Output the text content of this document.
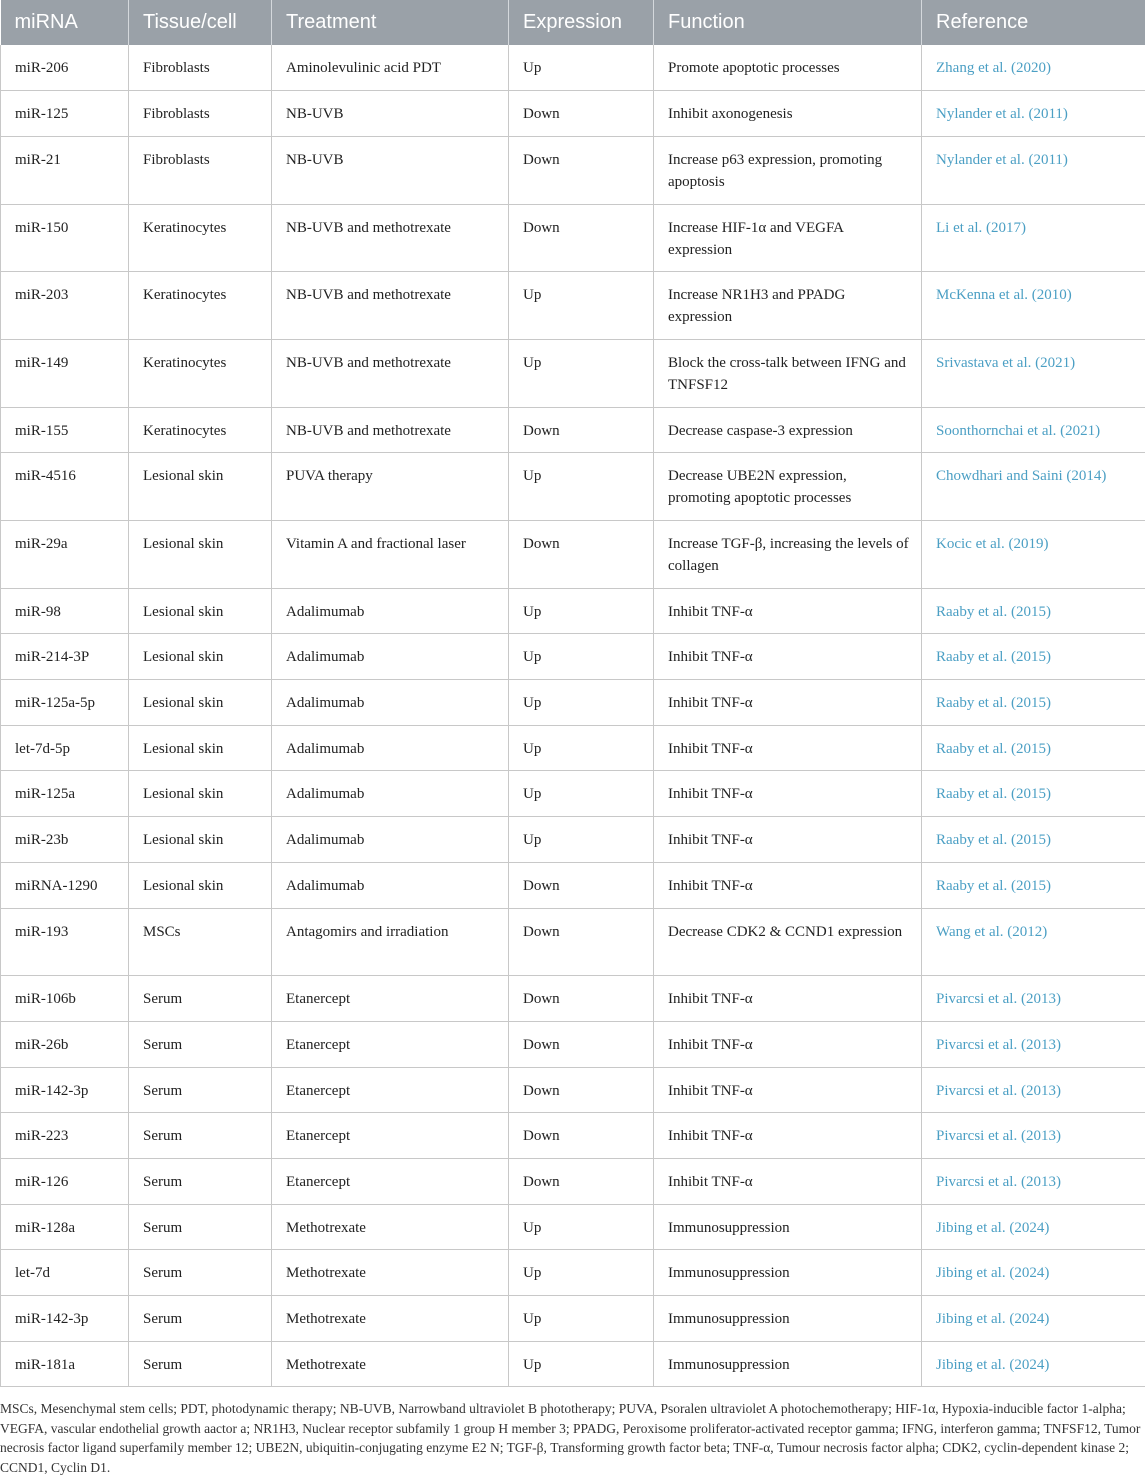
miRNA	Tissue/cell	Treatment	Expression	Function	Reference
miR-206	Fibroblasts	Aminolevulinic acid PDT	Up	Promote apoptotic processes	Zhang et al. (2020)
miR-125	Fibroblasts	NB-UVB	Down	Inhibit axonogenesis	Nylander et al. (2011)
miR-21	Fibroblasts	NB-UVB	Down	Increase p63 expression, promoting apoptosis	Nylander et al. (2011)
miR-150	Keratinocytes	NB-UVB and methotrexate	Down	Increase HIF-1α and VEGFA expression	Li et al. (2017)
miR-203	Keratinocytes	NB-UVB and methotrexate	Up	Increase NR1H3 and PPADG expression	McKenna et al. (2010)
miR-149	Keratinocytes	NB-UVB and methotrexate	Up	Block the cross-talk between IFNG and TNFSF12	Srivastava et al. (2021)
miR-155	Keratinocytes	NB-UVB and methotrexate	Down	Decrease caspase-3 expression	Soonthornchai et al. (2021)
miR-4516	Lesional skin	PUVA therapy	Up	Decrease UBE2N expression, promoting apoptotic processes	Chowdhari and Saini (2014)
miR-29a	Lesional skin	Vitamin A and fractional laser	Down	Increase TGF-β, increasing the levels of collagen	Kocic et al. (2019)
miR-98	Lesional skin	Adalimumab	Up	Inhibit TNF-α	Raaby et al. (2015)
miR-214-3P	Lesional skin	Adalimumab	Up	Inhibit TNF-α	Raaby et al. (2015)
miR-125a-5p	Lesional skin	Adalimumab	Up	Inhibit TNF-α	Raaby et al. (2015)
let-7d-5p	Lesional skin	Adalimumab	Up	Inhibit TNF-α	Raaby et al. (2015)
miR-125a	Lesional skin	Adalimumab	Up	Inhibit TNF-α	Raaby et al. (2015)
miR-23b	Lesional skin	Adalimumab	Up	Inhibit TNF-α	Raaby et al. (2015)
miRNA-1290	Lesional skin	Adalimumab	Down	Inhibit TNF-α	Raaby et al. (2015)
miR-193	MSCs	Antagomirs and irradiation	Down	Decrease CDK2 & CCND1 expression	Wang et al. (2012)
miR-106b	Serum	Etanercept	Down	Inhibit TNF-α	Pivarcsi et al. (2013)
miR-26b	Serum	Etanercept	Down	Inhibit TNF-α	Pivarcsi et al. (2013)
miR-142-3p	Serum	Etanercept	Down	Inhibit TNF-α	Pivarcsi et al. (2013)
miR-223	Serum	Etanercept	Down	Inhibit TNF-α	Pivarcsi et al. (2013)
miR-126	Serum	Etanercept	Down	Inhibit TNF-α	Pivarcsi et al. (2013)
miR-128a	Serum	Methotrexate	Up	Immunosuppression	Jibing et al. (2024)
let-7d	Serum	Methotrexate	Up	Immunosuppression	Jibing et al. (2024)
miR-142-3p	Serum	Methotrexate	Up	Immunosuppression	Jibing et al. (2024)
miR-181a	Serum	Methotrexate	Up	Immunosuppression	Jibing et al. (2024)
MSCs, Mesenchymal stem cells; PDT, photodynamic therapy; NB-UVB, Narrowband ultraviolet B phototherapy; PUVA, Psoralen ultraviolet A photochemotherapy; HIF-1α, Hypoxia-inducible factor 1-alpha; VEGFA, vascular endothelial growth aactor a; NR1H3, Nuclear receptor subfamily 1 group H member 3; PPADG, Peroxisome proliferator-activated receptor gamma; IFNG, interferon gamma; TNFSF12, Tumor necrosis factor ligand superfamily member 12; UBE2N, ubiquitin-conjugating enzyme E2 N; TGF-β, Transforming growth factor beta; TNF-α, Tumour necrosis factor alpha; CDK2, cyclin-dependent kinase 2; CCND1, Cyclin D1.
